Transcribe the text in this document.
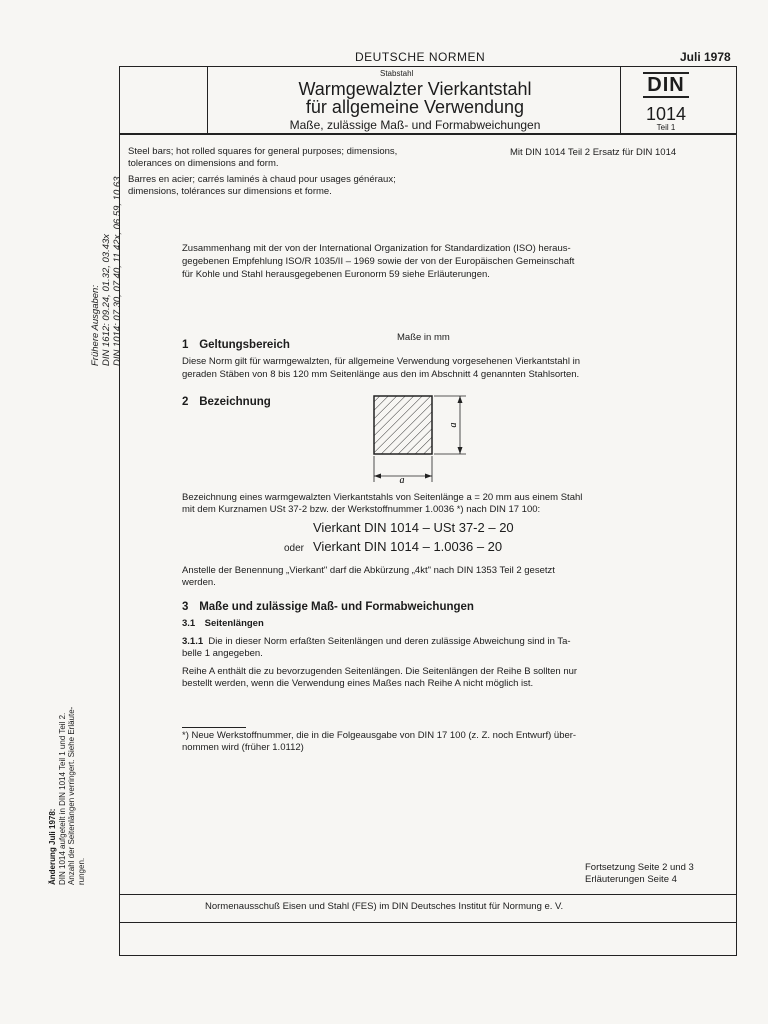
DEUTSCHE NORMEN	Juli 1978
Stabstahl
Warmgewalzter Vierkantstahl
für allgemeine Verwendung
Maße, zulässige Maß- und Formabweichungen
DIN
1014
Teil 1
Steel bars; hot rolled squares for general purposes; dimensions,
tolerances on dimensions and form.
Barres en acier; carrés laminés à chaud pour usages généraux;
dimensions, tolérances sur dimensions et forme.
Mit DIN 1014 Teil 2 Ersatz für DIN 1014
Zusammenhang mit der von der International Organization for Standardization (ISO) heraus-
gegebenen Empfehlung ISO/R 1035/II – 1969 sowie der von der Europäischen Gemeinschaft
für Kohle und Stahl herausgegebenen Euronorm 59 siehe Erläuterungen.
Maße in mm
1 Geltungsbereich
Diese Norm gilt für warmgewalzten, für allgemeine Verwendung vorgesehenen Vierkantstahl in
geraden Stäben von 8 bis 120 mm Seitenlänge aus den im Abschnitt 4 genannten Stahlsorten.
2 Bezeichnung
a
a
Bezeichnung eines warmgewalzten Vierkantstahls von Seitenlänge a = 20 mm aus einem Stahl
mit dem Kurznamen USt 37-2 bzw. der Werkstoffnummer 1.0036 *) nach DIN 17 100:
Vierkant DIN 1014 – USt 37-2 – 20
oder Vierkant DIN 1014 – 1.0036 – 20
Anstelle der Benennung „Vierkant" darf die Abkürzung „4kt" nach DIN 1353 Teil 2 gesetzt
werden.
3 Maße und zulässige Maß- und Formabweichungen
3.1 Seitenlängen
3.1.1 Die in dieser Norm erfaßten Seitenlängen und deren zulässige Abweichung sind in Ta-
belle 1 angegeben.
Reihe A enthält die zu bevorzugenden Seitenlängen. Die Seitenlängen der Reihe B sollten nur
bestellt werden, wenn die Verwendung eines Maßes nach Reihe A nicht möglich ist.
*) Neue Werkstoffnummer, die in die Folgeausgabe von DIN 17 100 (z. Z. noch Entwurf) über-
nommen wird (früher 1.0112)
Fortsetzung Seite 2 und 3
Erläuterungen Seite 4
Normenausschuß Eisen und Stahl (FES) im DIN Deutsches Institut für Normung e. V.
Frühere Ausgaben: DIN 1612: 09.24, 01.32, 03.43x DIN 1014: 07.30, 07.40, 11.42x, 06.59, 10.63
Änderung Juli 1978: DIN 1014 aufgeteilt in DIN 1014 Teil 1 und Teil 2. Anzahl der Seitenlängen verringert. Siehe Erläute- rungen.
